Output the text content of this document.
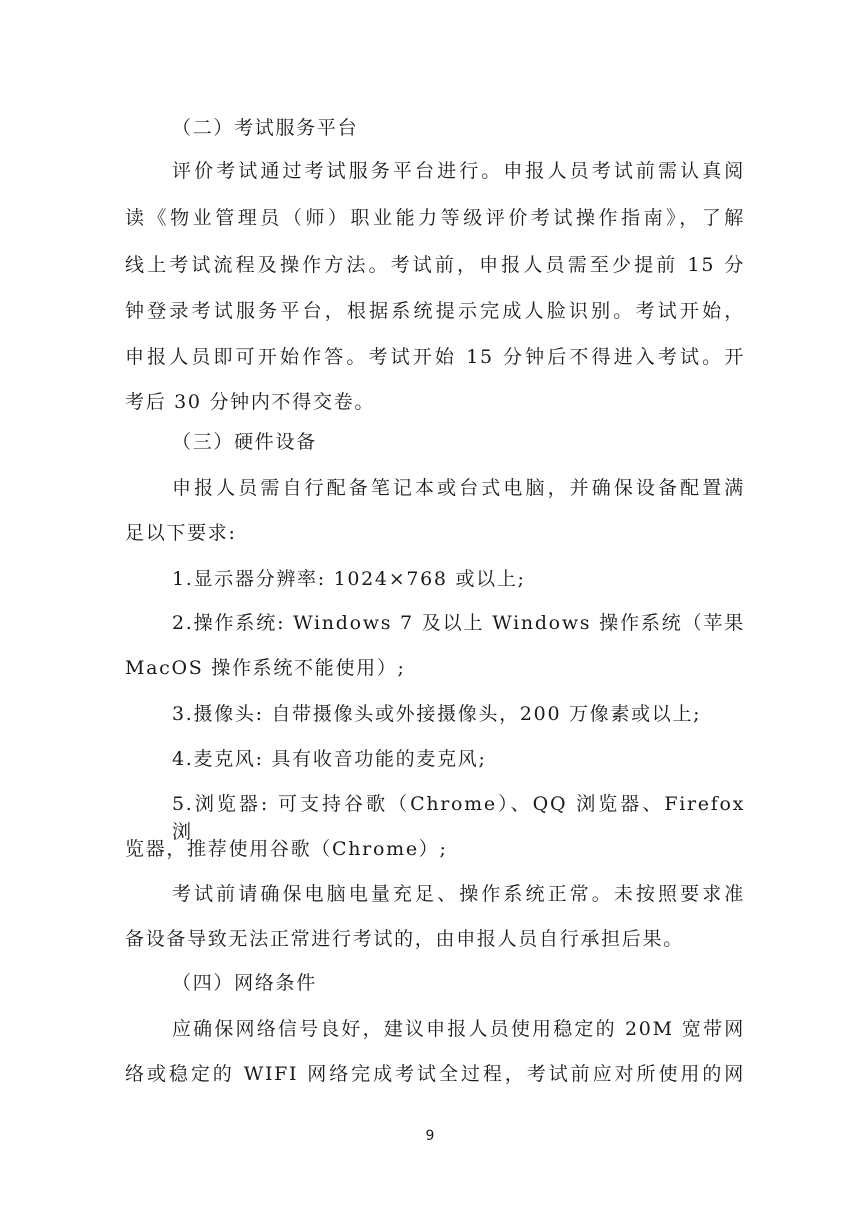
（二）考试服务平台
评价考试通过考试服务平台进行。申报人员考试前需认真阅
读《物业管理员（师）职业能力等级评价考试操作指南》，了解
线上考试流程及操作方法。考试前，申报人员需至少提前 15 分
钟登录考试服务平台，根据系统提示完成人脸识别。考试开始，
申报人员即可开始作答。考试开始 15 分钟后不得进入考试。开
考后 30 分钟内不得交卷。
（三）硬件设备
申报人员需自行配备笔记本或台式电脑，并确保设备配置满
足以下要求:
1.显示器分辨率: 1024×768 或以上;
2.操作系统: Windows 7 及以上 Windows 操作系统（苹果
MacOS 操作系统不能使用）;
3.摄像头: 自带摄像头或外接摄像头，200 万像素或以上;
4.麦克风: 具有收音功能的麦克风;
5.浏览器: 可支持谷歌（Chrome）、QQ 浏览器、Firefox 浏
览器，推荐使用谷歌（Chrome）;
考试前请确保电脑电量充足、操作系统正常。未按照要求准
备设备导致无法正常进行考试的，由申报人员自行承担后果。
（四）网络条件
应确保网络信号良好，建议申报人员使用稳定的 20M 宽带网
络或稳定的 WIFI 网络完成考试全过程，考试前应对所使用的网
9
